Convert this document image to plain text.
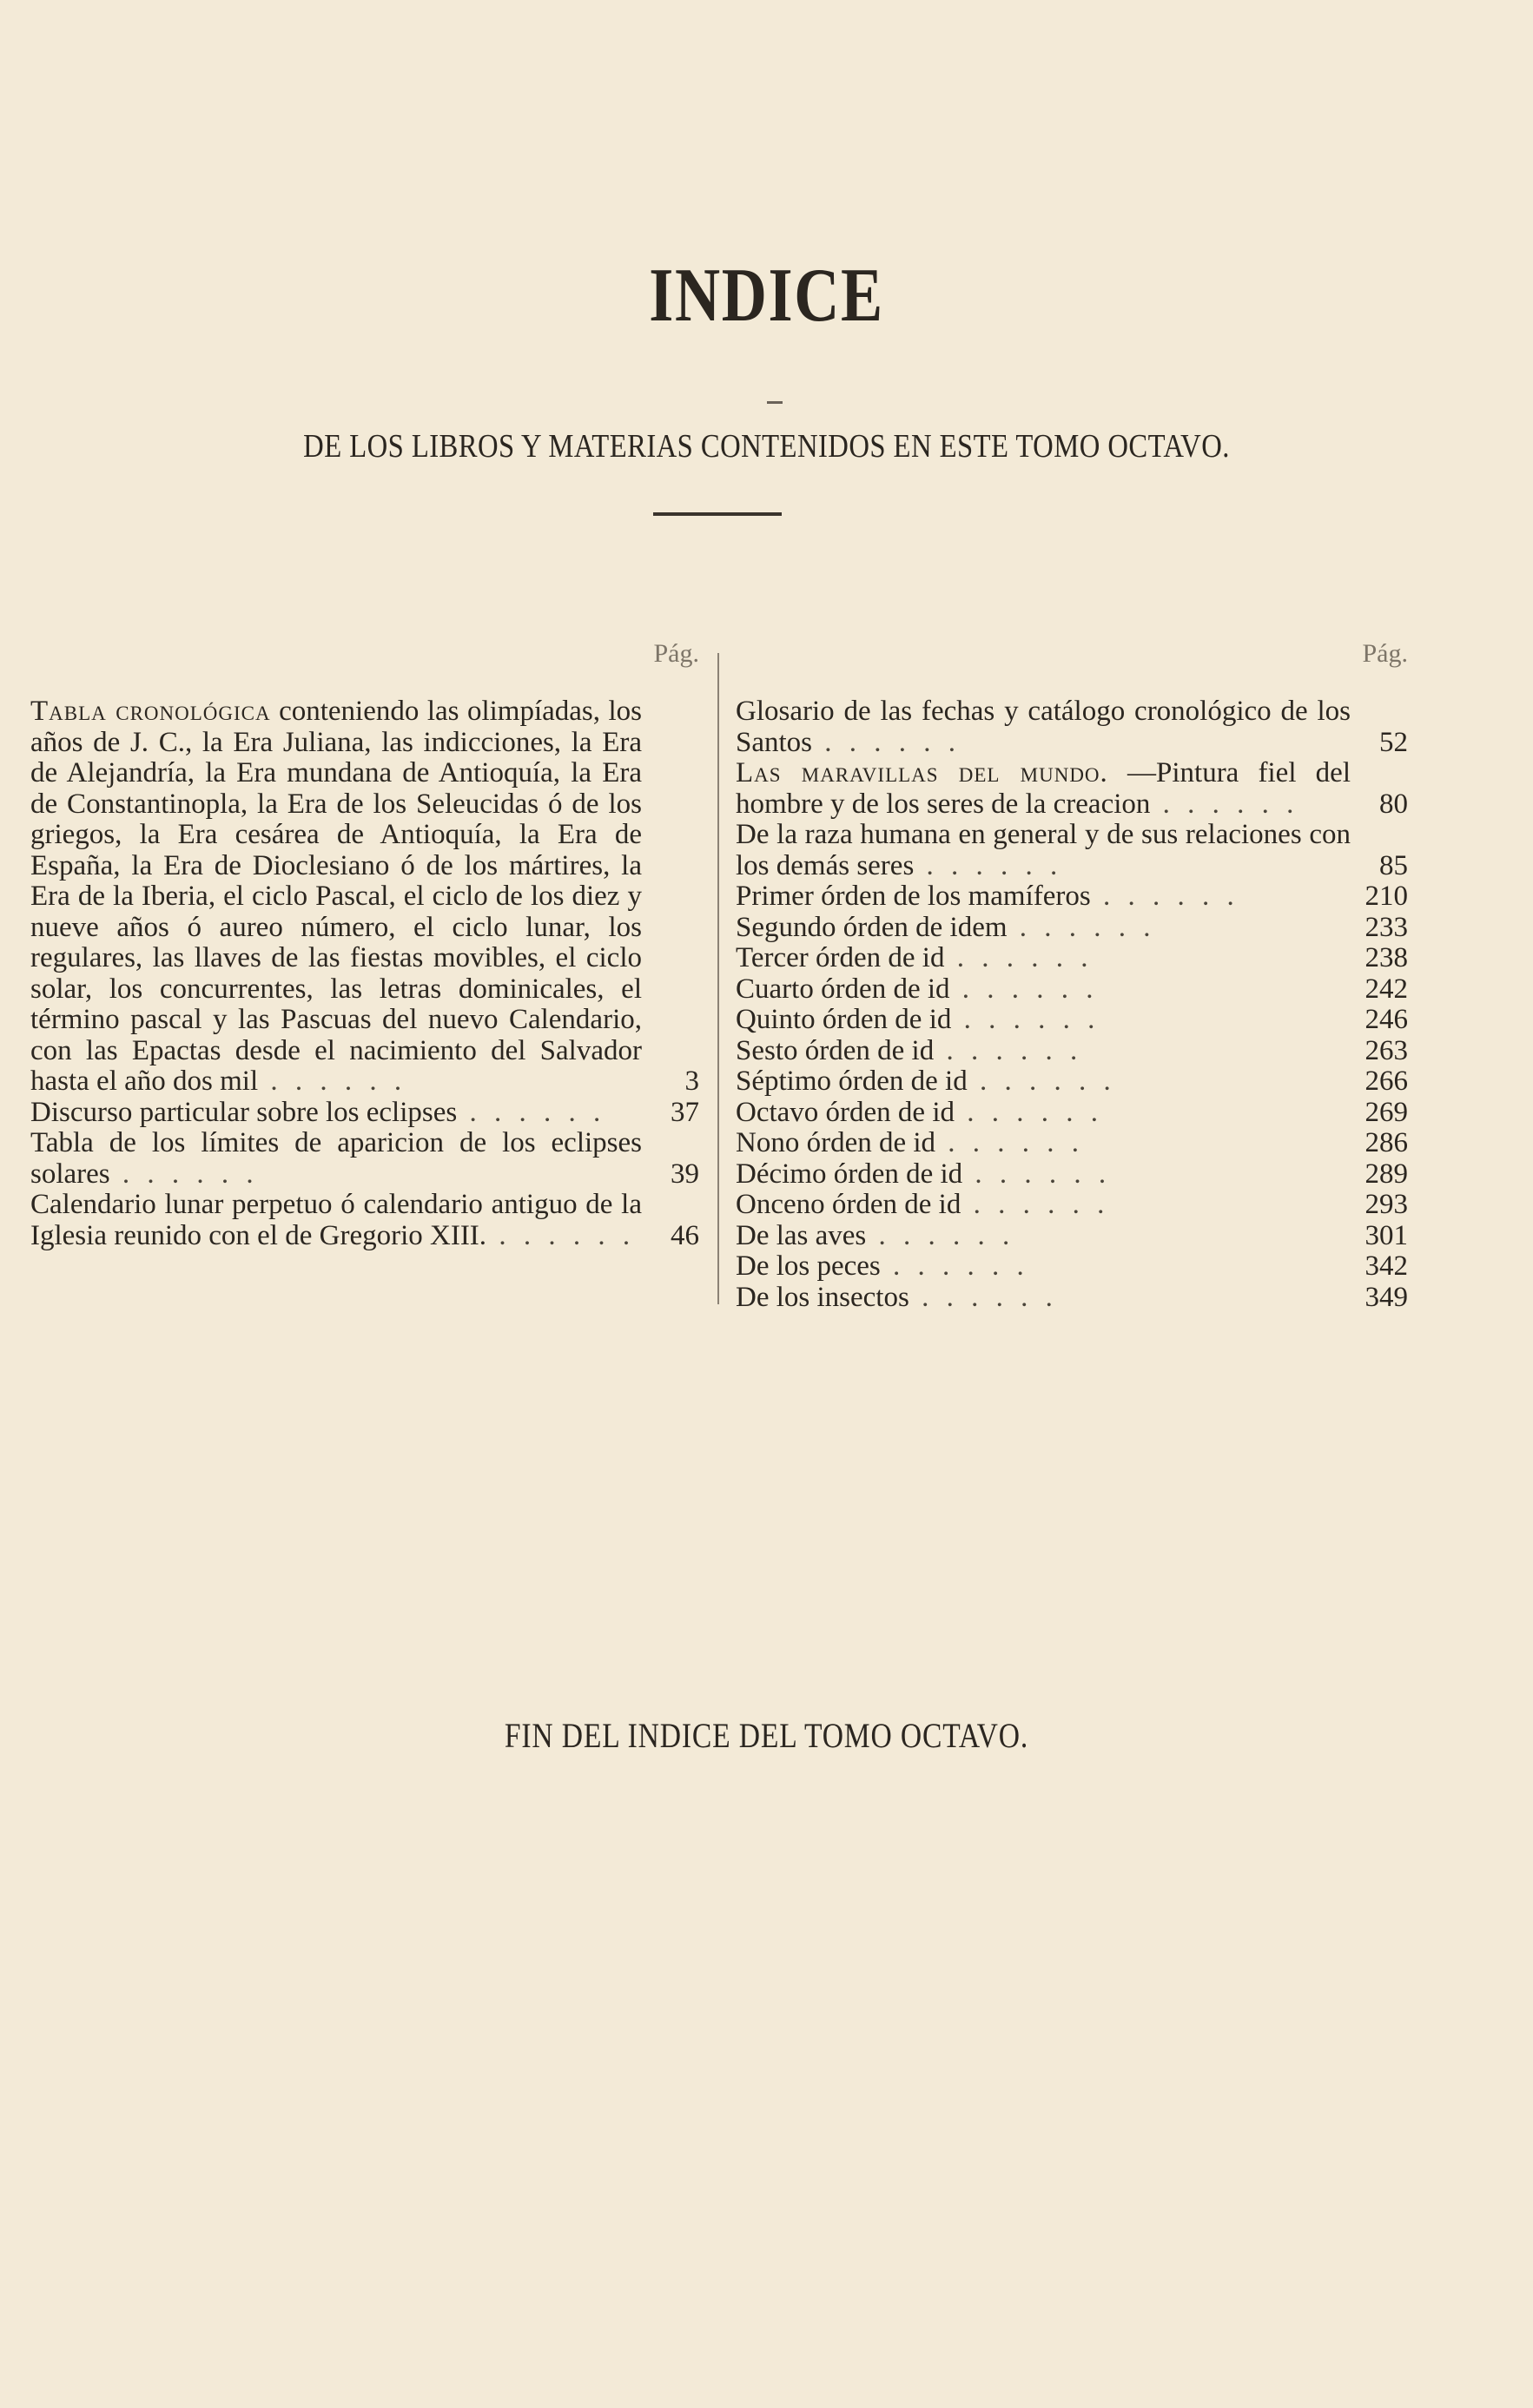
INDICE
DE LOS LIBROS Y MATERIAS CONTENIDOS EN ESTE TOMO OCTAVO.
Pág.
Tabla cronológica conteniendo las olimpíadas, los años de J. C., la Era Juliana, las indicciones, la Era de Alejandría, la Era mundana de Antioquía, la Era de Constantinopla, la Era de los Seleucidas ó de los griegos, la Era cesárea de Antioquía, la Era de España, la Era de Dioclesiano ó de los mártires, la Era de la Iberia, el ciclo Pascal, el ciclo de los diez y nueve años ó aureo número, el ciclo lunar, los regulares, las llaves de las fiestas movibles, el ciclo solar, los concurrentes, las letras dominicales, el término pascal y las Pascuas del nuevo Calendario, con las Epactas desde el nacimiento del Salvador hasta el año dos mil . . . . . .	3
Discurso particular sobre los eclipses . . . . . .	37
Tabla de los límites de aparicion de los eclipses solares . . . . . .	39
Calendario lunar perpetuo ó calendario antiguo de la Iglesia reunido con el de Gregorio XIII. . . . . . .	46
Pág.
Glosario de las fechas y catálogo cronológico de los Santos . . . . . .	52
Las maravillas del mundo. —Pintura fiel del hombre y de los seres de la creacion . . . . . .	80
De la raza humana en general y de sus relaciones con los demás seres . . . . . .	85
Primer órden de los mamíferos . . . . . .	210
Segundo órden de idem . . . . . .	233
Tercer órden de id . . . . . .	238
Cuarto órden de id . . . . . .	242
Quinto órden de id . . . . . .	246
Sesto órden de id . . . . . .	263
Séptimo órden de id . . . . . .	266
Octavo órden de id . . . . . .	269
Nono órden de id . . . . . .	286
Décimo órden de id . . . . . .	289
Onceno órden de id . . . . . .	293
De las aves . . . . . .	301
De los peces . . . . . .	342
De los insectos . . . . . .	349
FIN DEL INDICE DEL TOMO OCTAVO.
